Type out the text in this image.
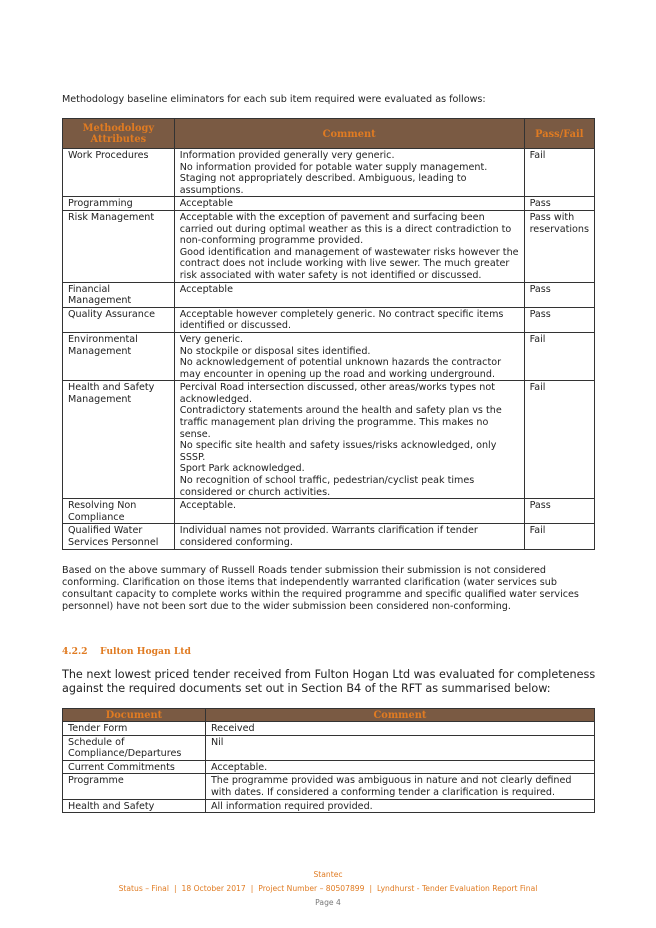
Methodology baseline eliminators for each sub item required were evaluated as follows:
Methodology Attributes	Comment	Pass/Fail
Work Procedures	Information provided generally very generic.
No information provided for potable water supply management.
Staging not appropriately described. Ambiguous, leading to assumptions.	Fail
Programming	Acceptable	Pass
Risk Management	Acceptable with the exception of pavement and surfacing been carried out during optimal weather as this is a direct contradiction to non-conforming programme provided.
Good identification and management of wastewater risks however the contract does not include working with live sewer. The much greater risk associated with water safety is not identified or discussed.	Pass with reservations
Financial Management	Acceptable	Pass
Quality Assurance	Acceptable however completely generic. No contract specific items identified or discussed.	Pass
Environmental Management	Very generic.
No stockpile or disposal sites identified.
No acknowledgement of potential unknown hazards the contractor may encounter in opening up the road and working underground.	Fail
Health and Safety Management	Percival Road intersection discussed, other areas/works types not acknowledged.
Contradictory statements around the health and safety plan vs the traffic management plan driving the programme. This makes no sense.
No specific site health and safety issues/risks acknowledged, only SSSP.
Sport Park acknowledged.
No recognition of school traffic, pedestrian/cyclist peak times considered or church activities.	Fail
Resolving Non Compliance	Acceptable.	Pass
Qualified Water Services Personnel	Individual names not provided. Warrants clarification if tender considered conforming.	Fail
Based on the above summary of Russell Roads tender submission their submission is not considered conforming. Clarification on those items that independently warranted clarification (water services sub consultant capacity to complete works within the required programme and specific qualified water services personnel) have not been sort due to the wider submission been considered non-conforming.
4.2.2 Fulton Hogan Ltd
The next lowest priced tender received from Fulton Hogan Ltd was evaluated for completeness against the required documents set out in Section B4 of the RFT as summarised below:
Document	Comment
Tender Form	Received
Schedule of Compliance/Departures	Nil
Current Commitments	Acceptable.
Programme	The programme provided was ambiguous in nature and not clearly defined with dates. If considered a conforming tender a clarification is required.
Health and Safety	All information required provided.
Stantec
Status – Final | 18 October 2017 | Project Number – 80507899 | Lyndhurst - Tender Evaluation Report Final
Page 4
